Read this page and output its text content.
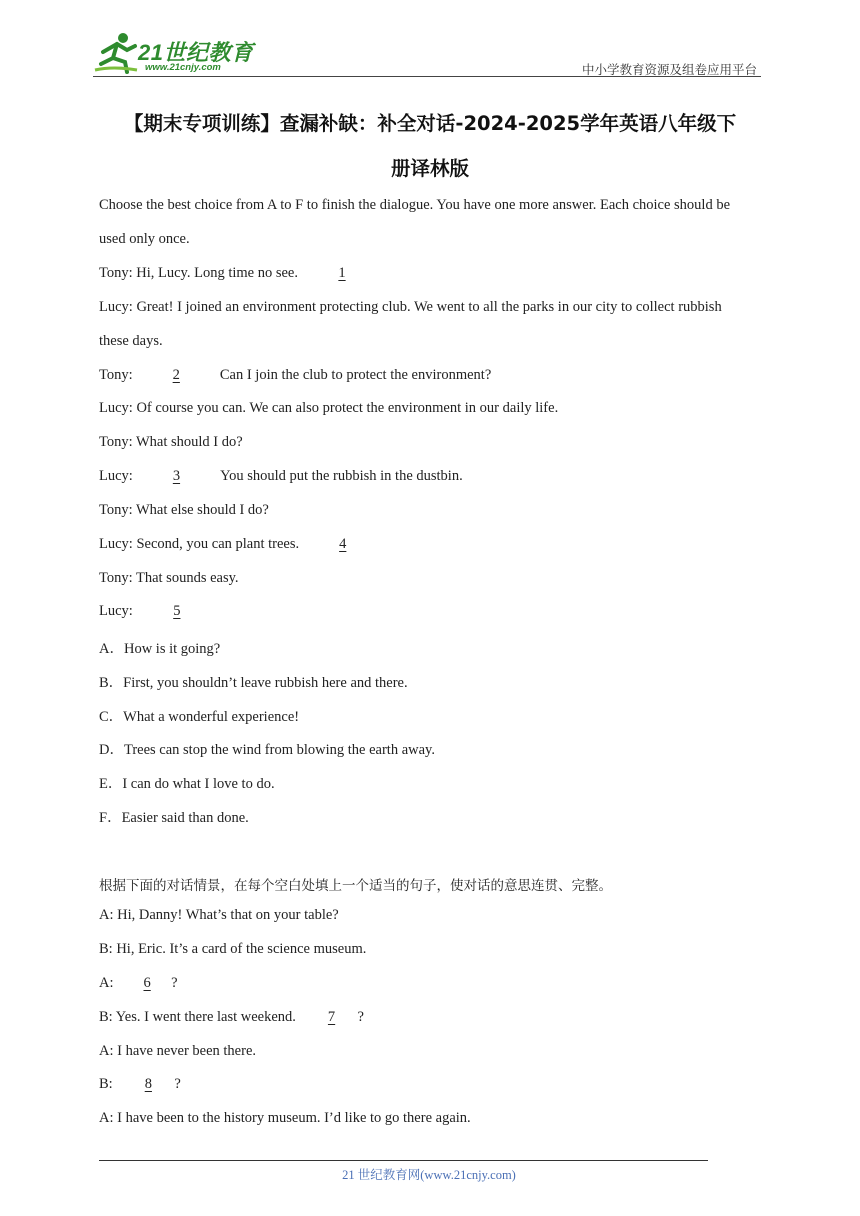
21世纪教育
www.21cnjy.com	中小学教育资源及组卷应用平台
【期末专项训练】查漏补缺：补全对话-2024-2025学年英语八年级下
册译林版
Choose the best choice from A to F to finish the dialogue. You have one more answer. Each choice should be
used only once.
Tony: Hi, Lucy. Long time no see.	1
Lucy: Great! I joined an environment protecting club. We went to all the parks in our city to collect rubbish
these days.
Tony:	2	Can I join the club to protect the environment?
Lucy: Of course you can. We can also protect the environment in our daily life.
Tony: What should I do?
Lucy:	3	You should put the rubbish in the dustbin.
Tony: What else should I do?
Lucy: Second, you can plant trees.	4
Tony: That sounds easy.
Lucy:	5
A．How is it going?
B．First, you shouldn’t leave rubbish here and there.
C．What a wonderful experience!
D．Trees can stop the wind from blowing the earth away.
E．I can do what I love to do.
F．Easier said than done.
根据下面的对话情景，在每个空白处填上一个适当的句子，使对话的意思连贯、完整。
A: Hi, Danny! What’s that on your table?
B: Hi, Eric. It’s a card of the science museum.
A: 6 ?
B: Yes. I went there last weekend. 7 ?
A: I have never been there.
B: 8 ?
A: I have been to the history museum. I’d like to go there again.
21 世纪教育网(www.21cnjy.com)
